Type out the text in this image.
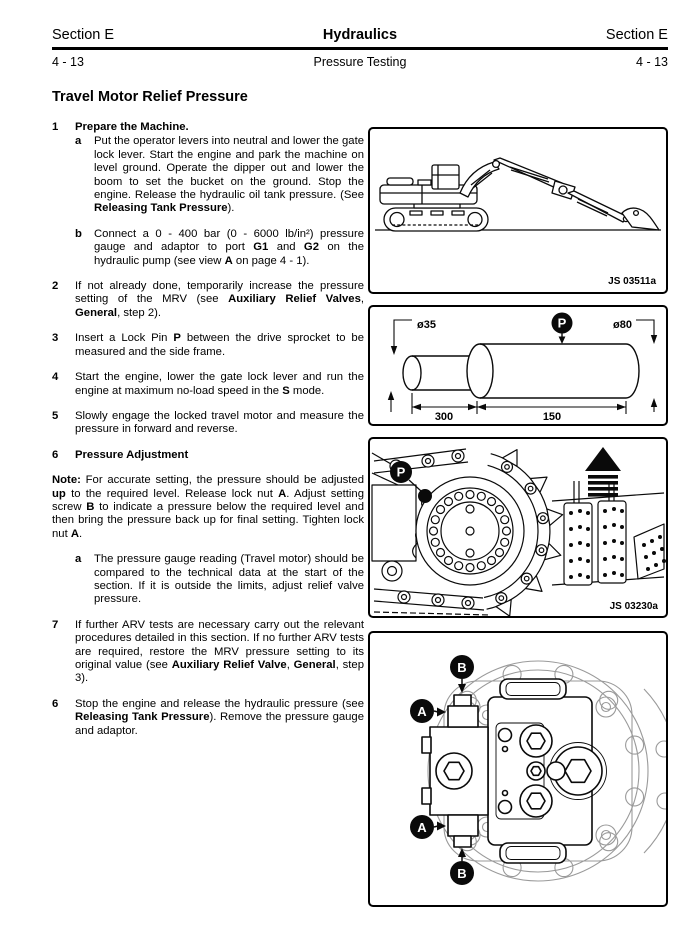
Section E	Hydraulics	Section E
4 - 13	Pressure Testing	4 - 13
Travel Motor Relief Pressure
1	Prepare the Machine.
a	Put the operator levers into neutral and lower the gate lock lever. Start the engine and park the machine on level ground. Operate the dipper out and lower the boom to set the bucket on the ground. Stop the engine. Release the hydraulic oil tank pressure. (See Releasing Tank Pressure).
b	Connect a 0 - 400 bar (0 - 6000 lb/in²) pressure gauge and adaptor to port G1 and G2 on the hydraulic pump (see view A on page 4 - 1).
2	If not already done, temporarily increase the pressure setting of the MRV (see Auxiliary Relief Valves, General, step 2).
3	Insert a Lock Pin P between the drive sprocket to be measured and the side frame.
4	Start the engine, lower the gate lock lever and run the engine at maximum no-load speed in the S mode.
5	Slowly engage the locked travel motor and measure the pressure in forward and reverse.
6	Pressure Adjustment
Note: For accurate setting, the pressure should be adjusted up to the required level. Release lock nut A. Adjust setting screw B to indicate a pressure below the required level and then bring the pressure back up for final setting. Tighten lock nut A.
a	The pressure gauge reading (Travel motor) should be compared to the technical data at the start of the section. If it is outside the limits, adjust relief valve pressure.
7	If further ARV tests are necessary carry out the relevant procedures detailed in this section. If no further ARV tests are required, restore the MRV pressure setting to its original value (see Auxiliary Relief Valve, General, step 3).
6	Stop the engine and release the hydraulic pressure (see Releasing Tank Pressure). Remove the pressure gauge and adaptor.
JS 03511a
P
ø35	ø80
300	150
P
JS 03230a
B
A
A
B
